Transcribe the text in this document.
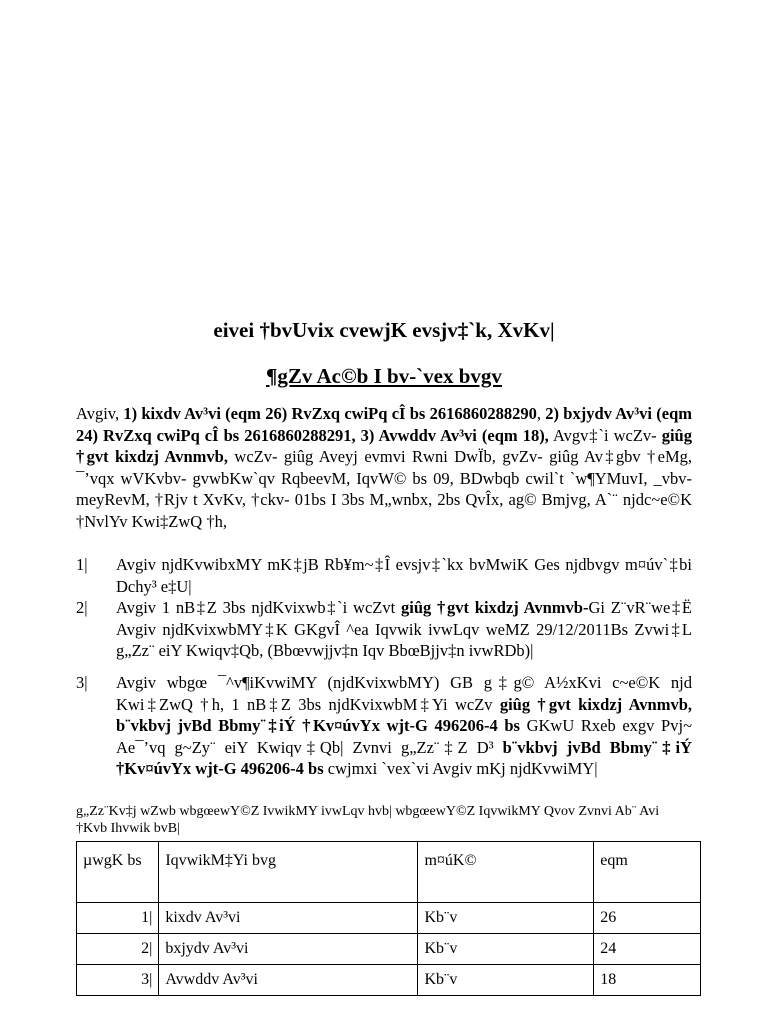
eivei †bvUvix cvewjK evsjv‡`k, XvKv|
¶gZv Ac©b I bv-`vex bvgv
Avgiv, 1) kixdv Av³vi (eqm 26) RvZxq cwiPq cÎ bs 2616860288290, 2) bxjydv Av³vi (eqm 24) RvZxq cwiPq cÎ bs 2616860288291, 3) Avwddv Av³vi (eqm 18), Avgv‡`i wcZv- giûg †gvt kixdzj Avnmvb, wcZv- giûg Aveyj evmvi Rwni DwÏb, gvZv- giûg Av‡gbv †eMg, ¯’vqx wVKvbv- gvwbKw`qv RqbeevM, IqvW© bs 09, BDwbqb cwil`t `w¶YMuvI, _vbv- meyRevM, †Rjv t XvKv, †ckv- 01bs I 3bs M„wnbx, 2bs QvÎx, ag© Bmjvg, A`¨ njdc~e©K †NvlYv Kwi‡ZwQ †h,
1|	Avgiv njdKvwibxMY mK‡jB Rb¥m~‡Î evsjv‡`kx bvMwiK Ges njdbvgv m¤úv`‡bi Dchy³ e‡U|
2|	Avgiv 1 nB‡Z 3bs njdKvixwb‡`i wcZvt giûg †gvt kixdzj Avnmvb-Gi Z¨vR¨we‡Ë Avgiv njdKvixwbMY‡K GKgvÎ ^ea Iqvwik ivwLqv weMZ 29/12/2011Bs Zvwi‡L g„Zz¨ eiY Kwiqv‡Qb, (Bbœvwjjv‡n Iqv BbœBjjv‡n ivwRDb)|
3|	Avgiv wbgœ ¯^v¶iKvwiMY (njdKvixwbMY) GB g‡g© A½xKvi c~e©K njd Kwi‡ZwQ †h, 1 nB‡Z 3bs njdKvixwbM‡Yi wcZv giûg †gvt kixdzj Avnmvb, b¨vkbvj jvBd Bbmy¨‡iÝ †Kv¤úvYx wjt-G 496206-4 bs GKwU Rxeb exgv Pvj~ Ae¯’vq g~Zy¨ eiY Kwiqv‡Qb| Zvnvi g„Zz¨‡Z D³ b¨vkbvj jvBd Bbmy¨‡iÝ †Kv¤úvYx wjt-G 496206-4 bs cwjmxi `vex`vi Avgiv mKj njdKvwiMY|
g„Zz¨Kv‡j wZwb wbgœewY©Z IvwikMY ivwLqv hvb| wbgœewY©Z IqvwikMY Qvov Zvnvi Ab¨ Avi †Kvb Ihvwik bvB|
µwgK bs	IqvwikM‡Yi bvg	m¤úK©	eqm
1|	kixdv Av³vi	Kb¨v	26
2|	bxjydv Av³vi	Kb¨v	24
3|	Avwddv Av³vi	Kb¨v	18
